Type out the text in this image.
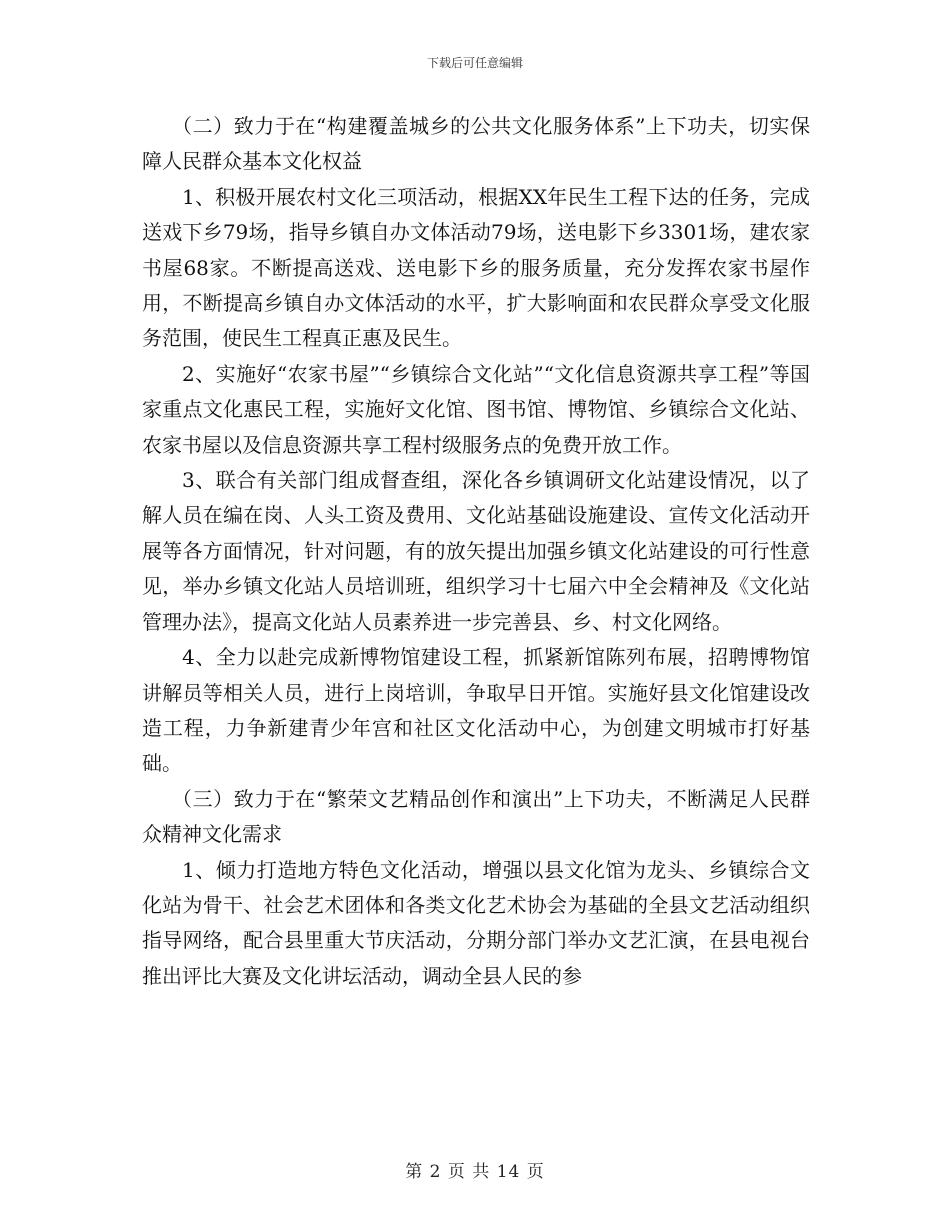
下载后可任意编辑

（二）致力于在“构建覆盖城乡的公共文化服务体系”上下功夫，切实保障人民群众基本文化权益

1、积极开展农村文化三项活动，根据XX年民生工程下达的任务，完成送戏下乡79场，指导乡镇自办文体活动79场，送电影下乡3301场，建农家书屋68家。不断提高送戏、送电影下乡的服务质量，充分发挥农家书屋作用，不断提高乡镇自办文体活动的水平，扩大影响面和农民群众享受文化服务范围，使民生工程真正惠及民生。

2、实施好“农家书屋”“乡镇综合文化站”“文化信息资源共享工程”等国家重点文化惠民工程，实施好文化馆、图书馆、博物馆、乡镇综合文化站、农家书屋以及信息资源共享工程村级服务点的免费开放工作。

3、联合有关部门组成督查组，深化各乡镇调研文化站建设情况，以了解人员在编在岗、人头工资及费用、文化站基础设施建设、宣传文化活动开展等各方面情况，针对问题，有的放矢提出加强乡镇文化站建设的可行性意见，举办乡镇文化站人员培训班，组织学习十七届六中全会精神及《文化站管理办法》，提高文化站人员素养进一步完善县、乡、村文化网络。

4、全力以赴完成新博物馆建设工程，抓紧新馆陈列布展，招聘博物馆讲解员等相关人员，进行上岗培训，争取早日开馆。实施好县文化馆建设改造工程，力争新建青少年宫和社区文化活动中心，为创建文明城市打好基础。

（三）致力于在“繁荣文艺精品创作和演出”上下功夫，不断满足人民群众精神文化需求

1、倾力打造地方特色文化活动，增强以县文化馆为龙头、乡镇综合文化站为骨干、社会艺术团体和各类文化艺术协会为基础的全县文艺活动组织指导网络，配合县里重大节庆活动，分期分部门举办文艺汇演，在县电视台推出评比大赛及文化讲坛活动，调动全县人民的参

第 2 页 共 14 页
